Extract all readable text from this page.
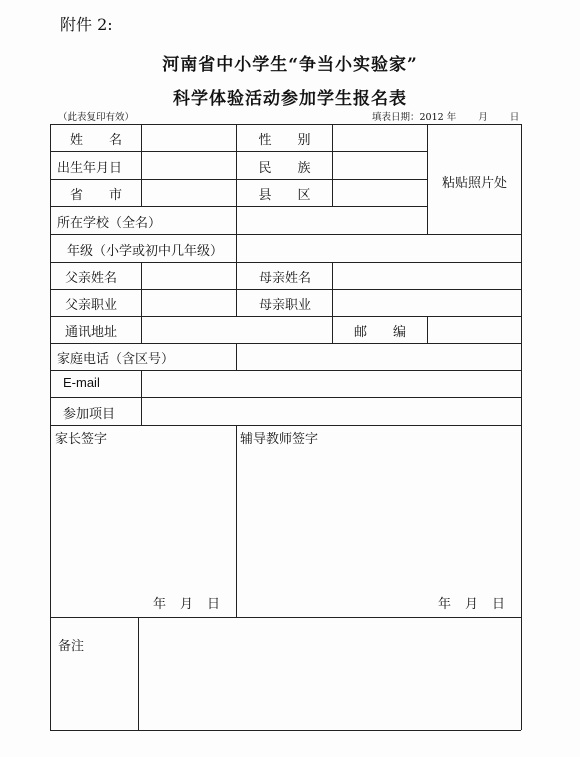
附件 2:
河南省中小学生“争当小实验家”
科学体验活动参加学生报名表
（此表复印有效）	填表日期：2012 年 月 日
姓　　名	性　　别
出生年月日	民　　族
省　　市	县　　区
粘贴照片处
所在学校（全名）
年级（小学或初中几年级）
父亲姓名	母亲姓名
父亲职业	母亲职业
通讯地址	邮　　编
家庭电话（含区号）
E-mail
参加项目
家长签字	辅导教师签字
年 月 日	年 月 日
备注
